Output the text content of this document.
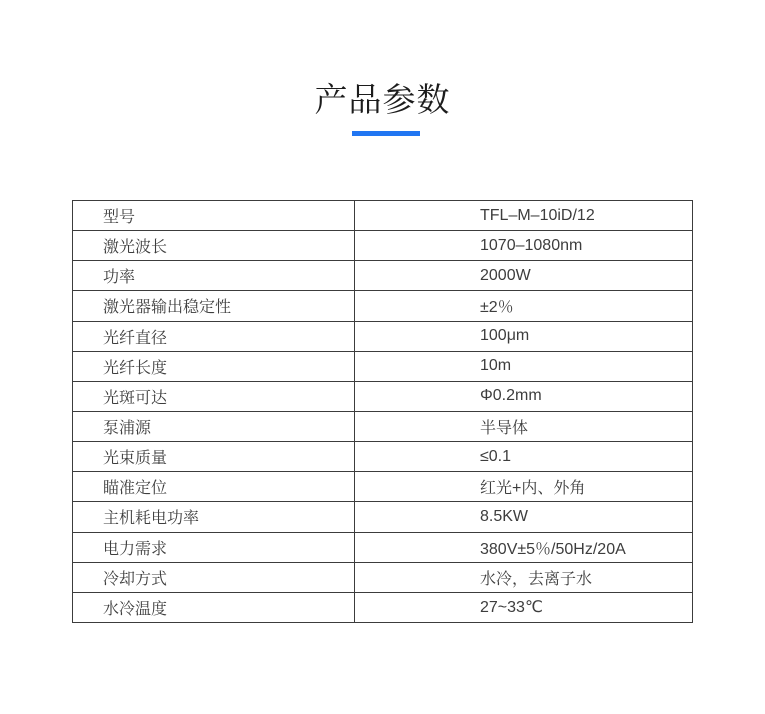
产品参数
型号	TFL–M–10iD/12
激光波长	1070–1080nm
功率	2000W
激光器输出稳定性	±2％
光纤直径	100μm
光纤长度	10m
光斑可达	Φ0.2mm
泵浦源	半导体
光束质量	≤0.1
瞄准定位	红光+内、外角
主机耗电功率	8.5KW
电力需求	380V±5％/50Hz/20A
冷却方式	水冷，去离子水
水冷温度	27~33℃
